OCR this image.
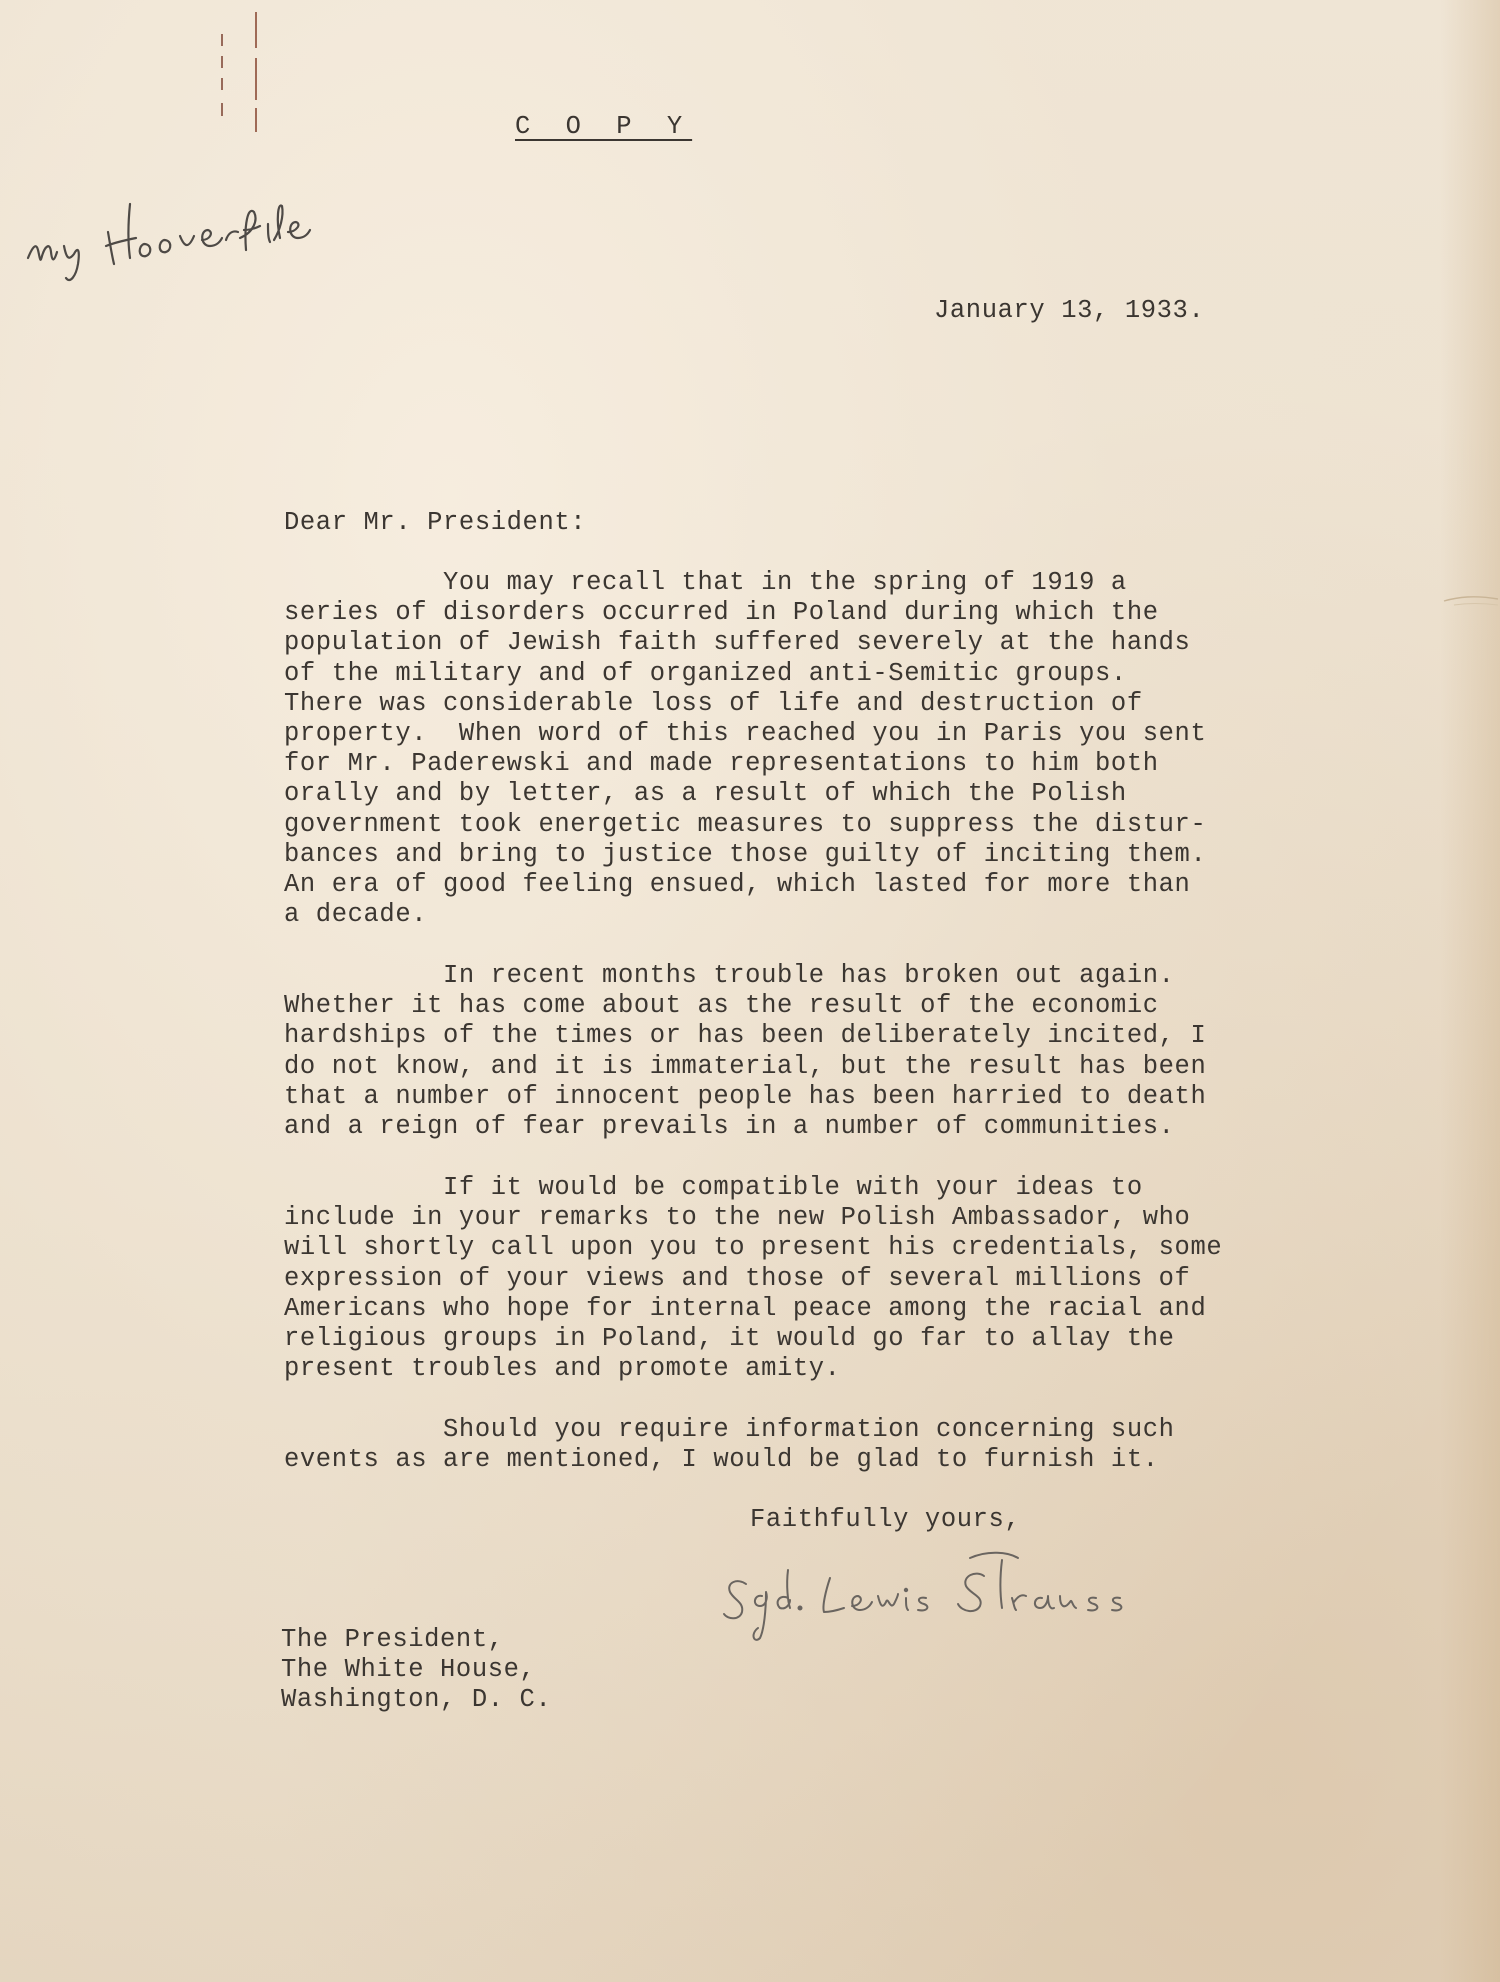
C O P Y
January 13, 1933.
Dear Mr. President:
You may recall that in the spring of 1919 a
series of disorders occurred in Poland during which the
population of Jewish faith suffered severely at the hands
of the military and of organized anti-Semitic groups.
There was considerable loss of life and destruction of
property.  When word of this reached you in Paris you sent
for Mr. Paderewski and made representations to him both
orally and by letter, as a result of which the Polish
government took energetic measures to suppress the distur-
bances and bring to justice those guilty of inciting them.
An era of good feeling ensued, which lasted for more than
a decade.
In recent months trouble has broken out again.
Whether it has come about as the result of the economic
hardships of the times or has been deliberately incited, I
do not know, and it is immaterial, but the result has been
that a number of innocent people has been harried to death
and a reign of fear prevails in a number of communities.
If it would be compatible with your ideas to
include in your remarks to the new Polish Ambassador, who
will shortly call upon you to present his credentials, some
expression of your views and those of several millions of
Americans who hope for internal peace among the racial and
religious groups in Poland, it would go far to allay the
present troubles and promote amity.
Should you require information concerning such
events as are mentioned, I would be glad to furnish it.
Faithfully yours,
The President,
The White House,
Washington, D. C.
